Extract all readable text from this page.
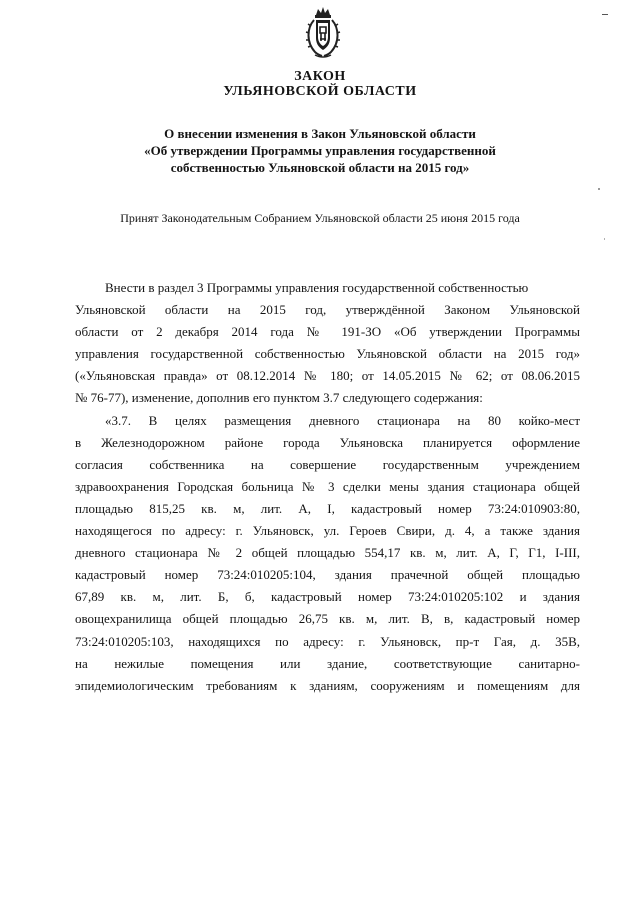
ЗАКОН
УЛЬЯНОВСКОЙ ОБЛАСТИ
О внесении изменения в Закон Ульяновской области
«Об утверждении Программы управления государственной
собственностью Ульяновской области на 2015 год»
Принят Законодательным Собранием Ульяновской области 25 июня 2015 года
Внести в раздел 3 Программы управления государственной собственностью
Ульяновской области на 2015 год, утверждённой Законом Ульяновской
области от 2 декабря 2014 года № 191-ЗО «Об утверждении Программы
управления государственной собственностью Ульяновской области на 2015 год»
(«Ульяновская правда» от 08.12.2014 № 180; от 14.05.2015 № 62; от 08.06.2015
№ 76-77), изменение, дополнив его пунктом 3.7 следующего содержания:
«3.7. В целях размещения дневного стационара на 80 койко-мест
в Железнодорожном районе города Ульяновска планируется оформление
согласия собственника на совершение государственным учреждением
здравоохранения Городская больница № 3 сделки мены здания стационара общей
площадью 815,25 кв. м, лит. А, I, кадастровый номер 73:24:010903:80,
находящегося по адресу: г. Ульяновск, ул. Героев Свири, д. 4, а также здания
дневного стационара № 2 общей площадью 554,17 кв. м, лит. А, Г, Г1, I-III,
кадастровый номер 73:24:010205:104, здания прачечной общей площадью
67,89 кв. м, лит. Б, б, кадастровый номер 73:24:010205:102 и здания
овощехранилища общей площадью 26,75 кв. м, лит. В, в, кадастровый номер
73:24:010205:103, находящихся по адресу: г. Ульяновск, пр-т Гая, д. 35В,
на нежилые помещения или здание, соответствующие санитарно-
эпидемиологическим требованиям к зданиям, сооружениям и помещениям для
